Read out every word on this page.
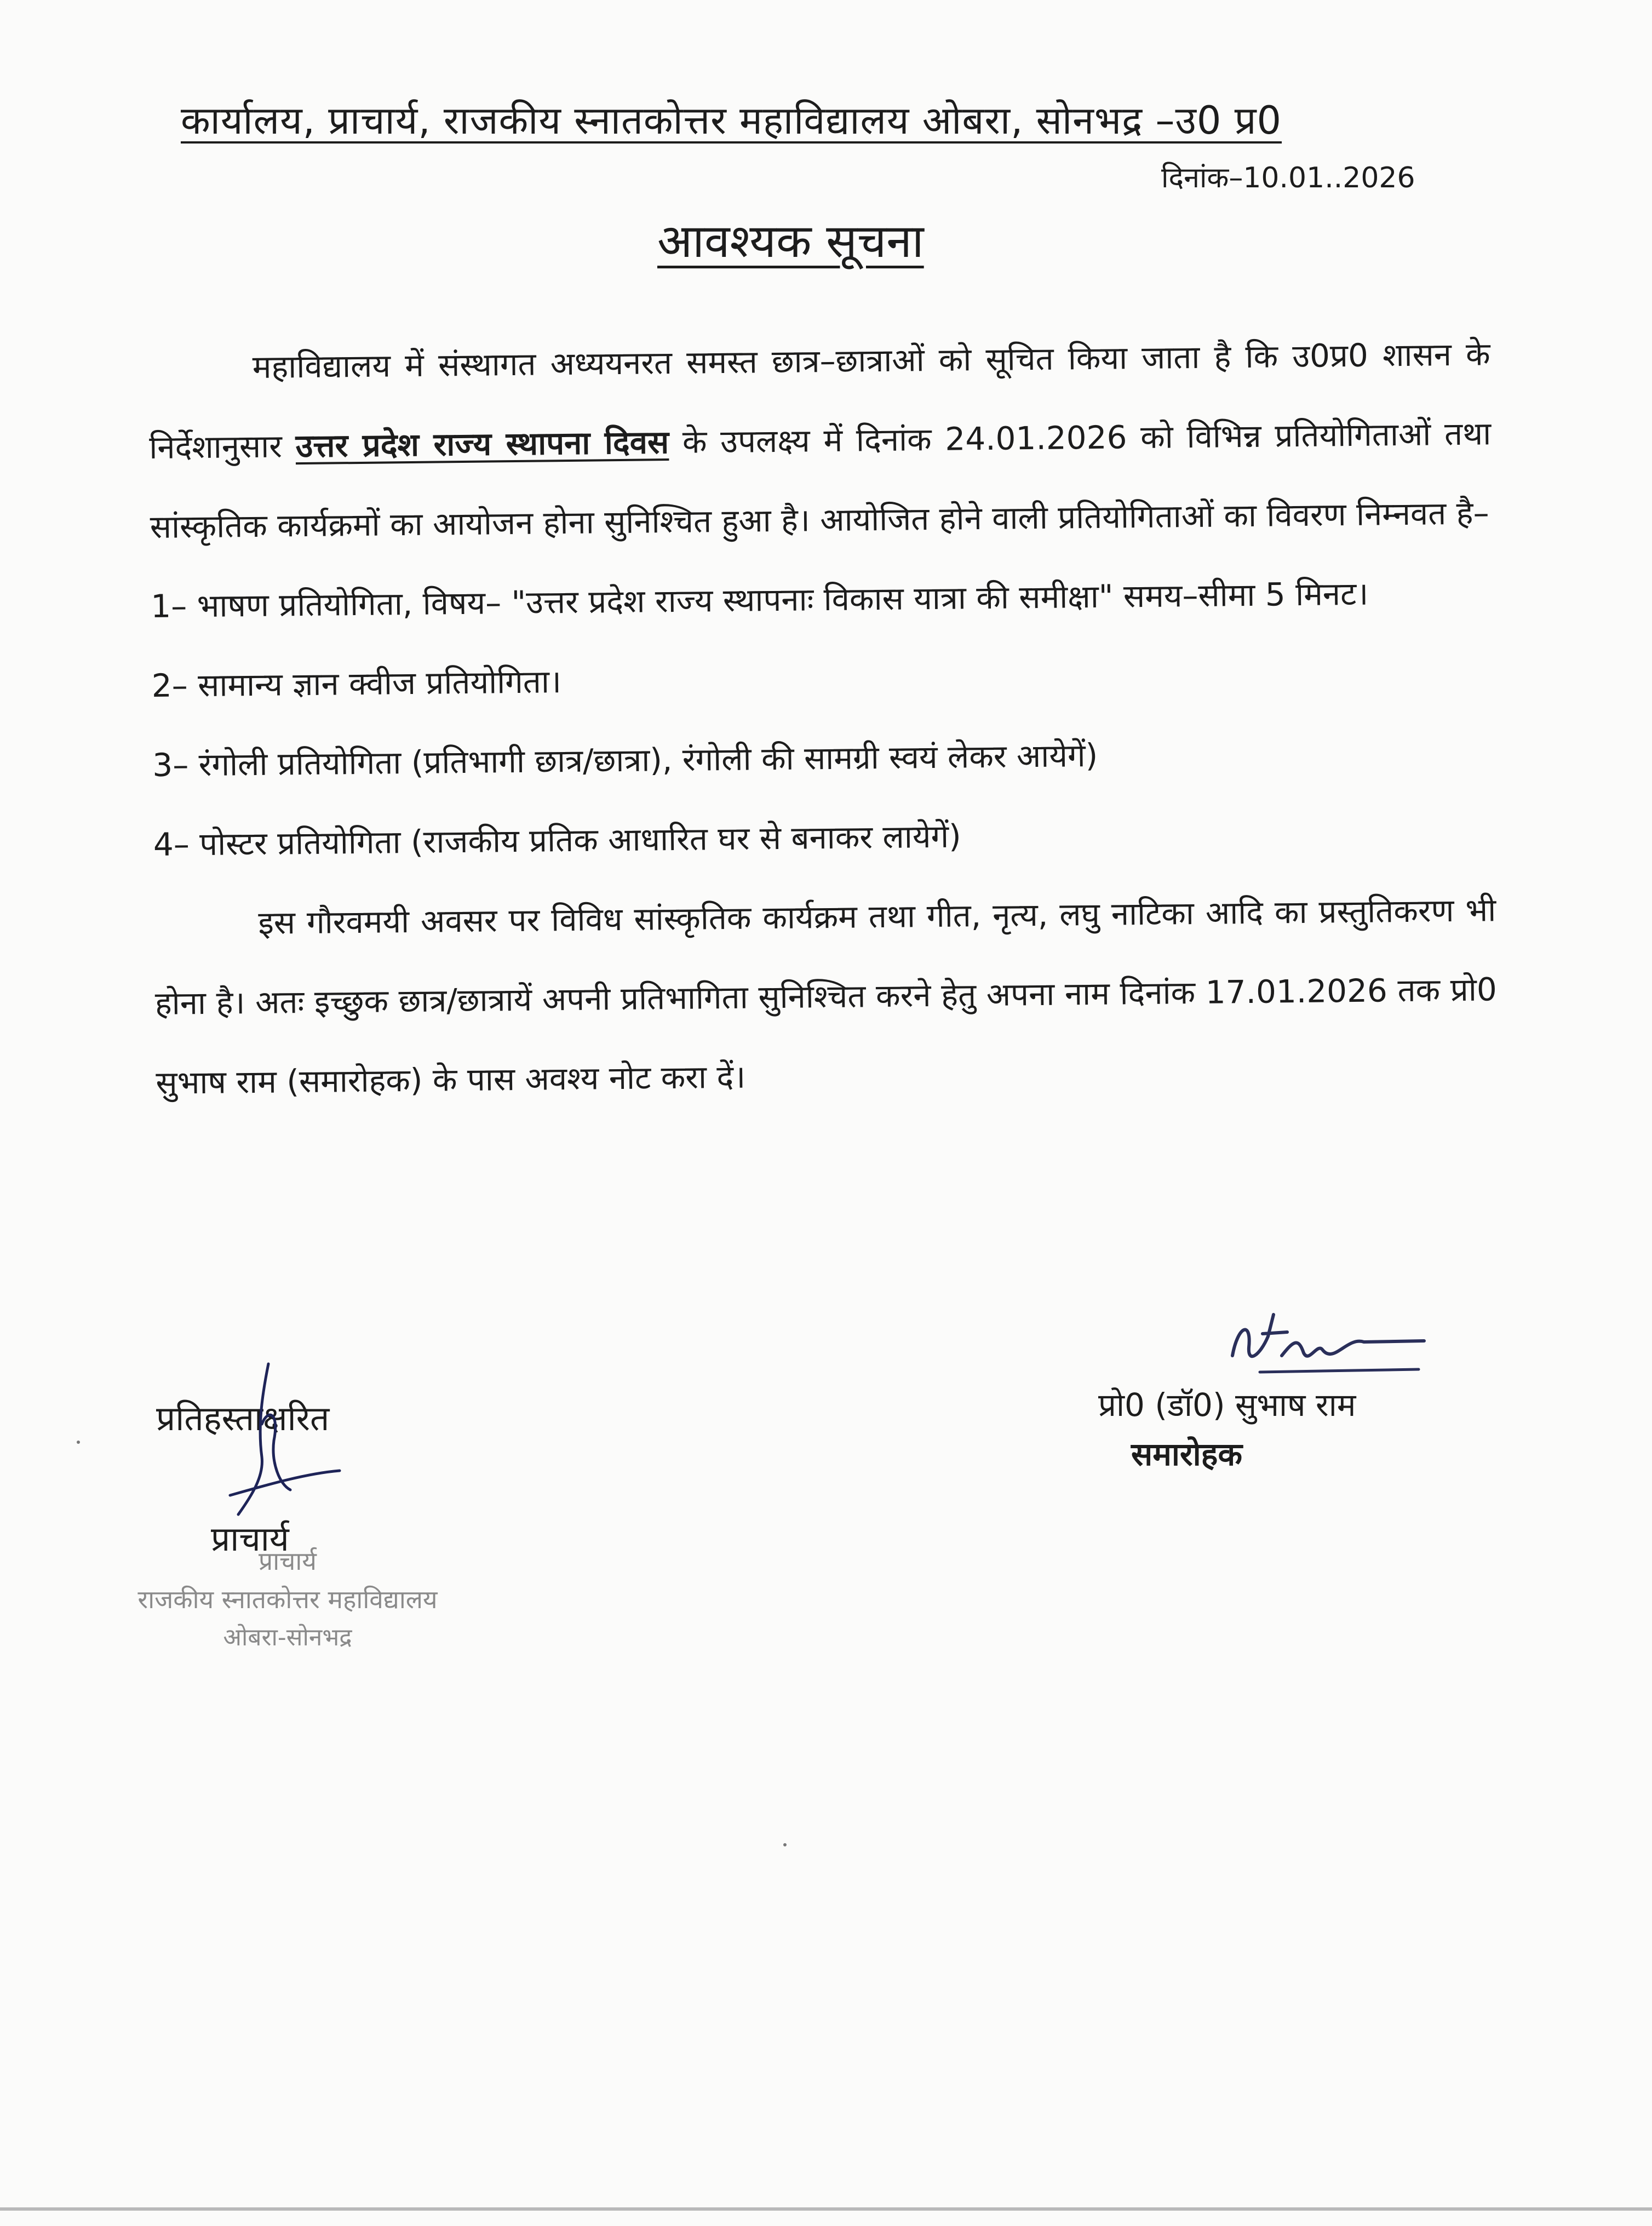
कार्यालय, प्राचार्य, राजकीय स्नातकोत्तर महाविद्यालय ओबरा, सोनभद्र –उ0 प्र0
दिनांक–10.01..2026
आवश्यक सूचना

महाविद्यालय में संस्थागत अध्ययनरत समस्त छात्र–छात्राओं को सूचित किया जाता है कि उ0प्र0 शासन के निर्देशानुसार उत्तर प्रदेश राज्य स्थापना दिवस के उपलक्ष्य में दिनांक 24.01.2026 को विभिन्न प्रतियोगिताओं तथा सांस्कृतिक कार्यक्रमों का आयोजन होना सुनिश्चित हुआ है। आयोजित होने वाली प्रतियोगिताओं का विवरण निम्नवत है–

1– भाषण प्रतियोगिता, विषय– "उत्तर प्रदेश राज्य स्थापनाः विकास यात्रा की समीक्षा" समय–सीमा 5 मिनट।

2– सामान्य ज्ञान क्वीज प्रतियोगिता।

3– रंगोली प्रतियोगिता (प्रतिभागी छात्र/छात्रा), रंगोली की सामग्री स्वयं लेकर आयेगें)

4– पोस्टर प्रतियोगिता (राजकीय प्रतिक आधारित घर से बनाकर लायेगें)

इस गौरवमयी अवसर पर विविध सांस्कृतिक कार्यक्रम तथा गीत, नृत्य, लघु नाटिका आदि का प्रस्तुतिकरण भी होना है। अतः इच्छुक छात्र/छात्रायें अपनी प्रतिभागिता सुनिश्चित करने हेतु अपना नाम दिनांक 17.01.2026 तक प्रो0 सुभाष राम (समारोहक) के पास अवश्य नोट करा दें।

प्रो0 (डॉ0) सुभाष राम
समारोहक
प्रतिहस्ताक्षरित
प्राचार्य
प्राचार्य
राजकीय स्नातकोत्तर महाविद्यालय
ओबरा-सोनभद्र
